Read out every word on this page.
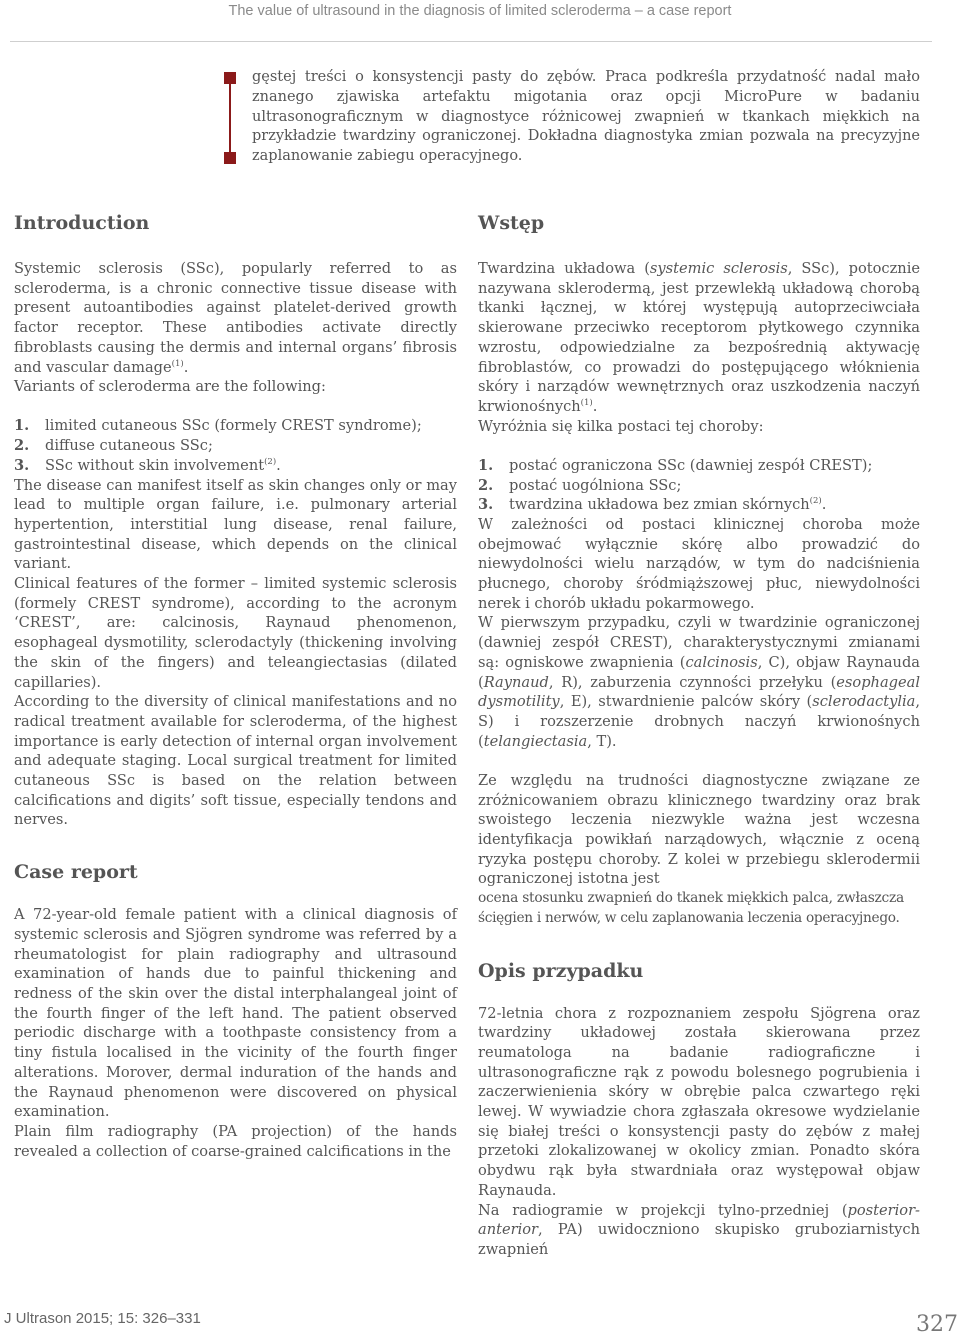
The value of ultrasound in the diagnosis of limited scleroderma – a case report
gęstej treści o konsystencji pasty do zębów. Praca podkreśla przydatność nadal mało znanego zjawiska artefaktu migotania oraz opcji MicroPure w badaniu ultrasonograficznym w diagnostyce różnicowej zwapnień w tkankach miękkich na przykładzie twardziny ograniczonej. Dokładna diagnostyka zmian pozwala na precyzyjne zaplanowanie zabiegu operacyjnego.
Introduction

Systemic sclerosis (SSc), popularly referred to as scleroderma, is a chronic connective tissue disease with present autoantibodies against platelet-derived growth factor receptor. These antibodies activate directly fibroblasts causing the dermis and internal organs’ fibrosis and vascular damage$^{(1)}$.

Variants of scleroderma are the following:

1. limited cutaneous SSc (formely CREST syndrome);
2. diffuse cutaneous SSc;
3. SSc without skin involvement$^{(2)}$.

The disease can manifest itself as skin changes only or may lead to multiple organ failure, i.e. pulmonary arterial hypertention, interstitial lung disease, renal failure, gastrointestinal disease, which depends on the clinical variant.

Clinical features of the former – limited systemic sclerosis (formely CREST syndrome), according to the acronym ‘CREST’, are: calcinosis, Raynaud phenomenon, esophageal dysmotility, sclerodactyly (thickening involving the skin of the fingers) and teleangiectasias (dilated capillaries).

According to the diversity of clinical manifestations and no radical treatment available for scleroderma, of the highest importance is early detection of internal organ involvement and adequate staging. Local surgical treatment for limited cutaneous SSc is based on the relation between calcifications and digits’ soft tissue, especially tendons and nerves.

Case report

A 72-year-old female patient with a clinical diagnosis of systemic sclerosis and Sjögren syndrome was referred by a rheumatologist for plain radiography and ultrasound examination of hands due to painful thickening and redness of the skin over the distal interphalangeal joint of the fourth finger of the left hand. The patient observed periodic discharge with a toothpaste consistency from a tiny fistula localised in the vicinity of the fourth finger alterations. Morover, dermal induration of the hands and the Raynaud phenomenon were discovered on physical examination.

Plain film radiography (PA projection) of the hands revealed a collection of coarse-grained calcifications in the

Wstęp

Twardzina układowa (systemic sclerosis, SSc), potocznie nazywana sklerodermą, jest przewlekłą układową chorobą tkanki łącznej, w której występują autoprzeciwciała skierowane przeciwko receptorom płytkowego czynnika wzrostu, odpowiedzialne za bezpośrednią aktywację fibroblastów, co prowadzi do postępującego włóknienia skóry i narządów wewnętrznych oraz uszkodzenia naczyń krwionośnych$^{(1)}$.

Wyróżnia się kilka postaci tej choroby:

1. postać ograniczona SSc (dawniej zespół CREST);
2. postać uogólniona SSc;
3. twardzina układowa bez zmian skórnych$^{(2)}$.

W zależności od postaci klinicznej choroba może obejmować wyłącznie skórę albo prowadzić do niewydolności wielu narządów, w tym do nadciśnienia płucnego, choroby śródmiąższowej płuc, niewydolności nerek i chorób układu pokarmowego.

W pierwszym przypadku, czyli w twardzinie ograniczonej (dawniej zespół CREST), charakterystycznymi zmianami są: ogniskowe zwapnienia (calcinosis, C), objaw Raynauda (Raynaud, R), zaburzenia czynności przełyku (esophageal dysmotility, E), stwardnienie palców skóry (sclerodactylia, S) i rozszerzenie drobnych naczyń krwionośnych (telangiectasia, T).

Ze względu na trudności diagnostyczne związane ze zróżnicowaniem obrazu klinicznego twardziny oraz brak swoistego leczenia niezwykle ważna jest wczesna identyfikacja powikłań narządowych, włącznie z oceną ryzyka postępu choroby. Z kolei w przebiegu sklerodermii ograniczonej istotna jest

ocena stosunku zwapnień do tkanek miękkich palca, zwłaszcza

ścięgien i nerwów, w celu zaplanowania leczenia operacyjnego.

Opis przypadku

72-letnia chora z rozpoznaniem zespołu Sjögrena oraz twardziny układowej została skierowana przez reumatologa na badanie radiograficzne i ultrasonograficzne rąk z powodu bolesnego pogrubienia i zaczerwienienia skóry w obrębie palca czwartego ręki lewej. W wywiadzie chora zgłaszała okresowe wydzielanie się białej treści o konsystencji pasty do zębów z małej przetoki zlokalizowanej w okolicy zmian. Ponadto skóra obydwu rąk była stwardniała oraz występował objaw Raynauda.

Na radiogramie w projekcji tylno-przedniej (posterior-anterior, PA) uwidoczniono skupisko gruboziarnistych zwapnień

J Ultrason 2015; 15: 326–331	327
